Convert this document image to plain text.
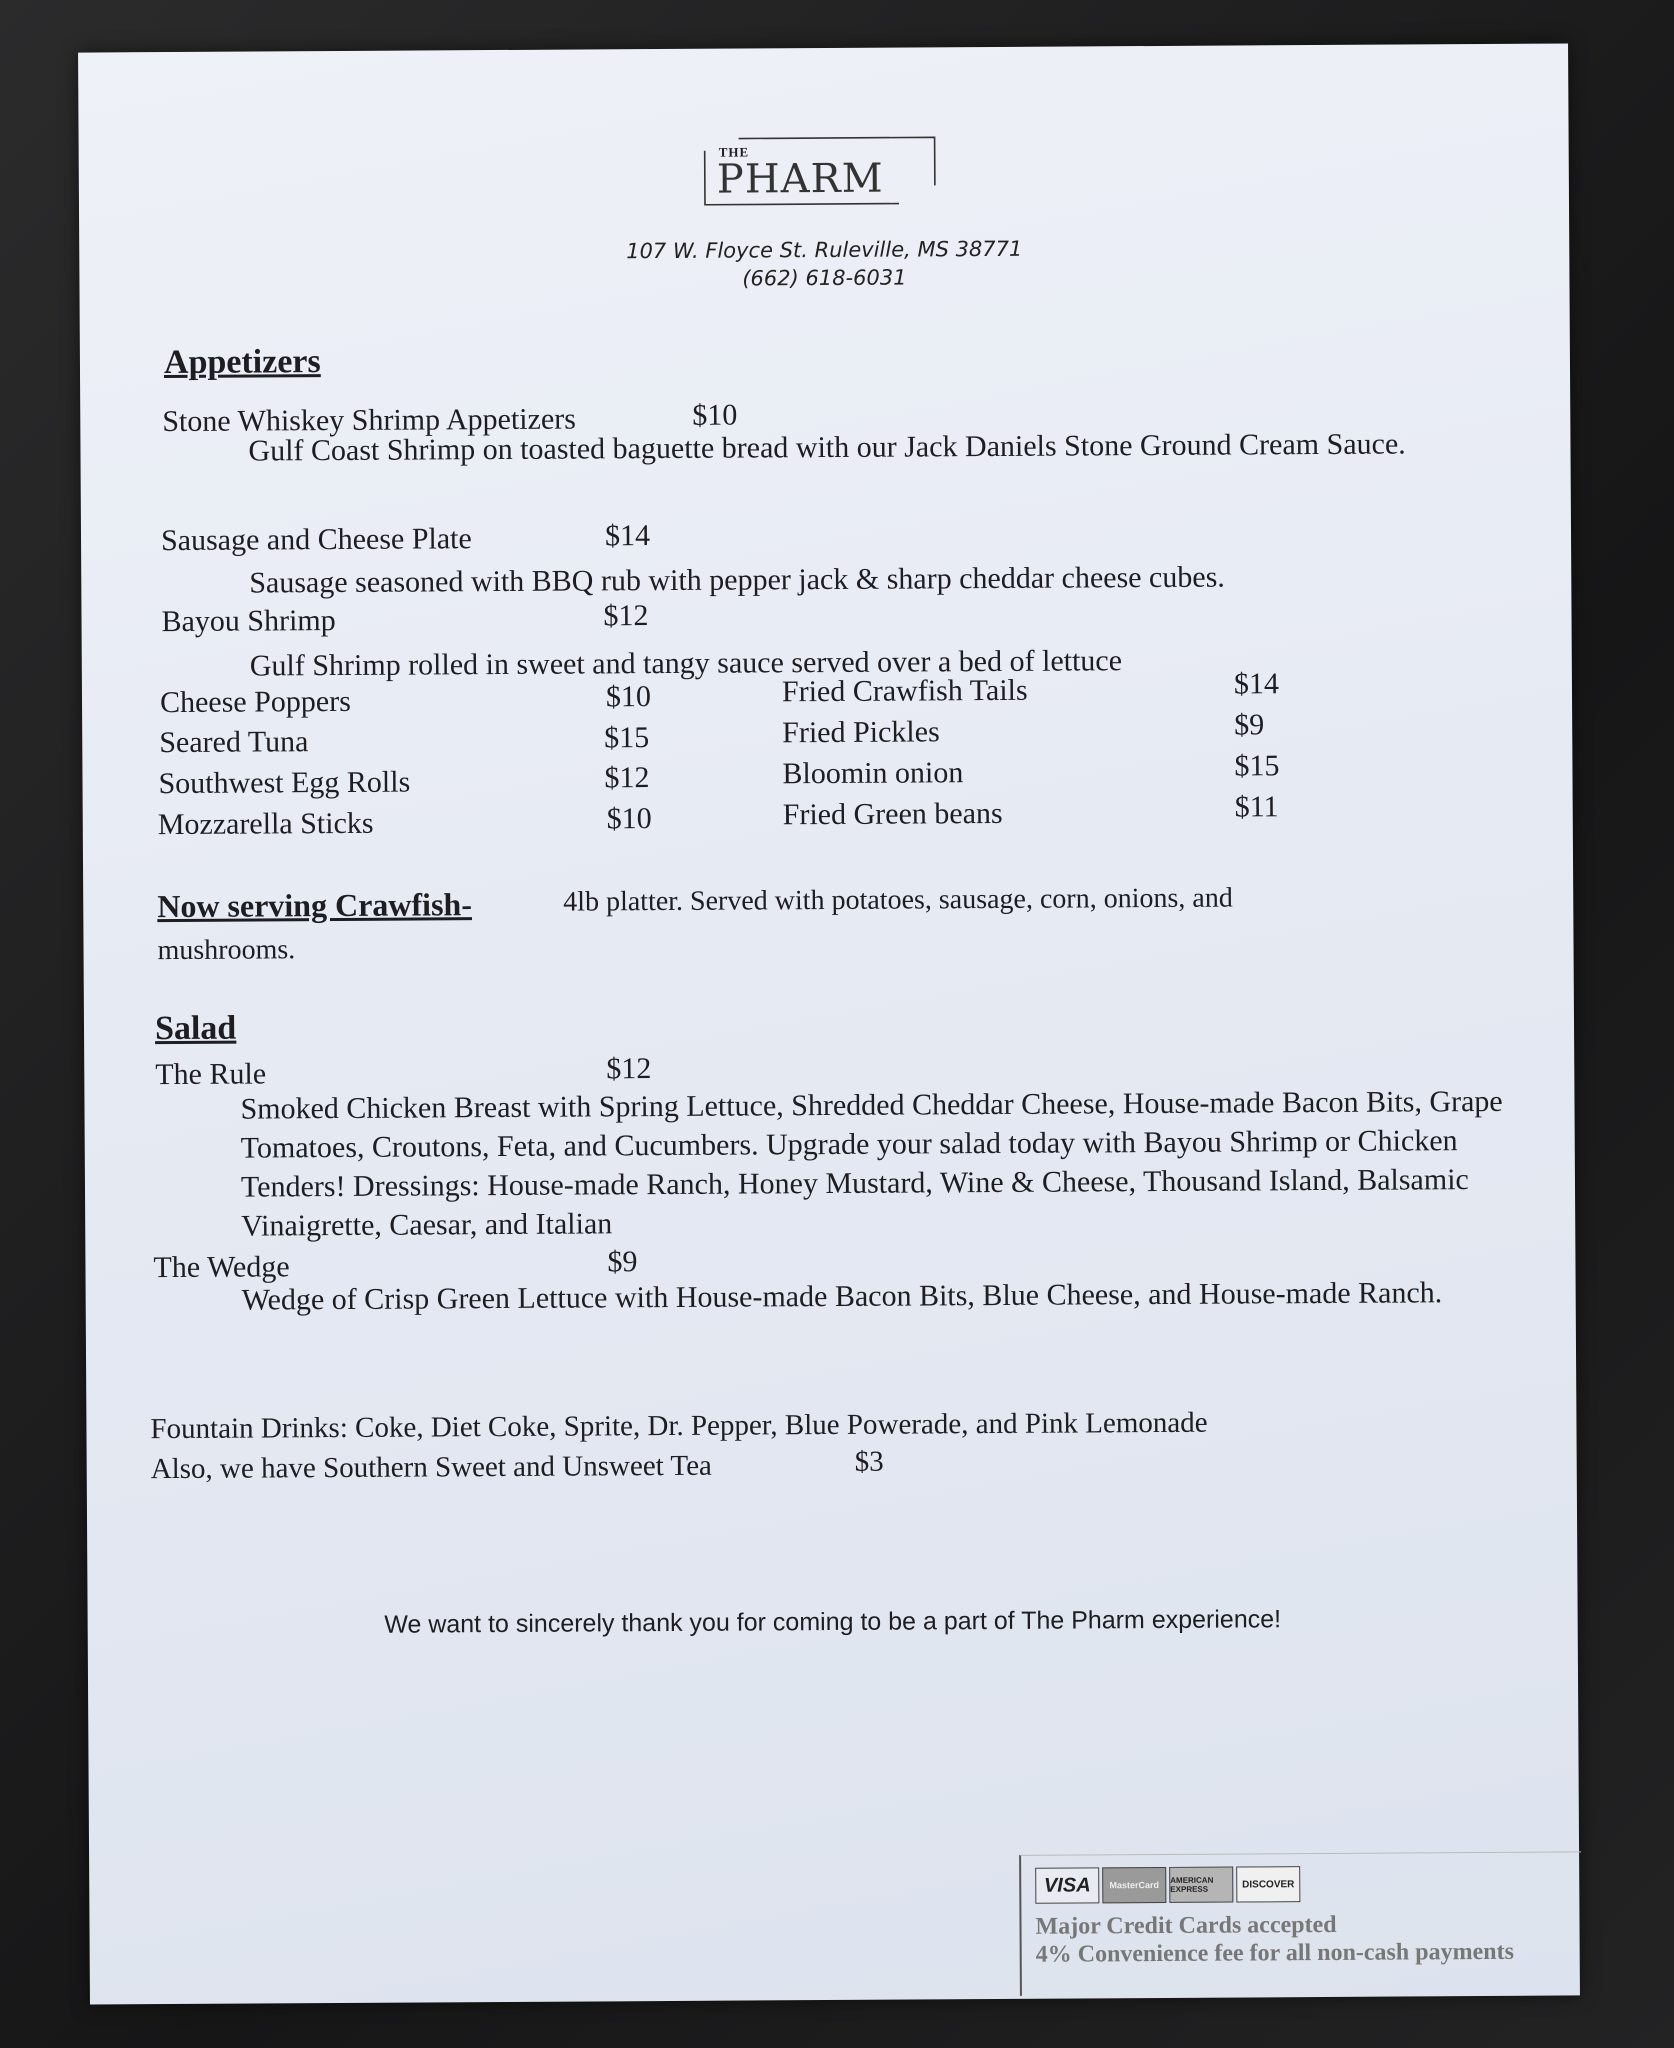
THE
PHARM
107 W. Floyce St. Ruleville, MS 38771
(662) 618-6031
Appetizers
Stone Whiskey Shrimp Appetizers	$10
Gulf Coast Shrimp on toasted baguette bread with our Jack Daniels Stone Ground Cream Sauce.
Sausage and Cheese Plate	$14
Sausage seasoned with BBQ rub with pepper jack & sharp cheddar cheese cubes.
Bayou Shrimp	$12
Gulf Shrimp rolled in sweet and tangy sauce served over a bed of lettuce
Cheese Poppers	$10
Seared Tuna	$15
Southwest Egg Rolls	$12
Mozzarella Sticks	$10
Fried Crawfish Tails	$14
Fried Pickles	$9
Bloomin onion	$15
Fried Green beans	$11
Now serving Crawfish-	4lb platter. Served with potatoes, sausage, corn, onions, and
mushrooms.
Salad
The Rule	$12
Smoked Chicken Breast with Spring Lettuce, Shredded Cheddar Cheese, House-made Bacon Bits, Grape Tomatoes, Croutons, Feta, and Cucumbers. Upgrade your salad today with Bayou Shrimp or Chicken Tenders! Dressings: House-made Ranch, Honey Mustard, Wine & Cheese, Thousand Island, Balsamic Vinaigrette, Caesar, and Italian
The Wedge	$9
Wedge of Crisp Green Lettuce with House-made Bacon Bits, Blue Cheese, and House-made Ranch.
Fountain Drinks: Coke, Diet Coke, Sprite, Dr. Pepper, Blue Powerade, and Pink Lemonade
Also, we have Southern Sweet and Unsweet Tea	$3
We want to sincerely thank you for coming to be a part of The Pharm experience!
VISA	MasterCard	AMERICAN EXPRESS	DISCOVER
Major Credit Cards accepted
4% Convenience fee for all non-cash payments
